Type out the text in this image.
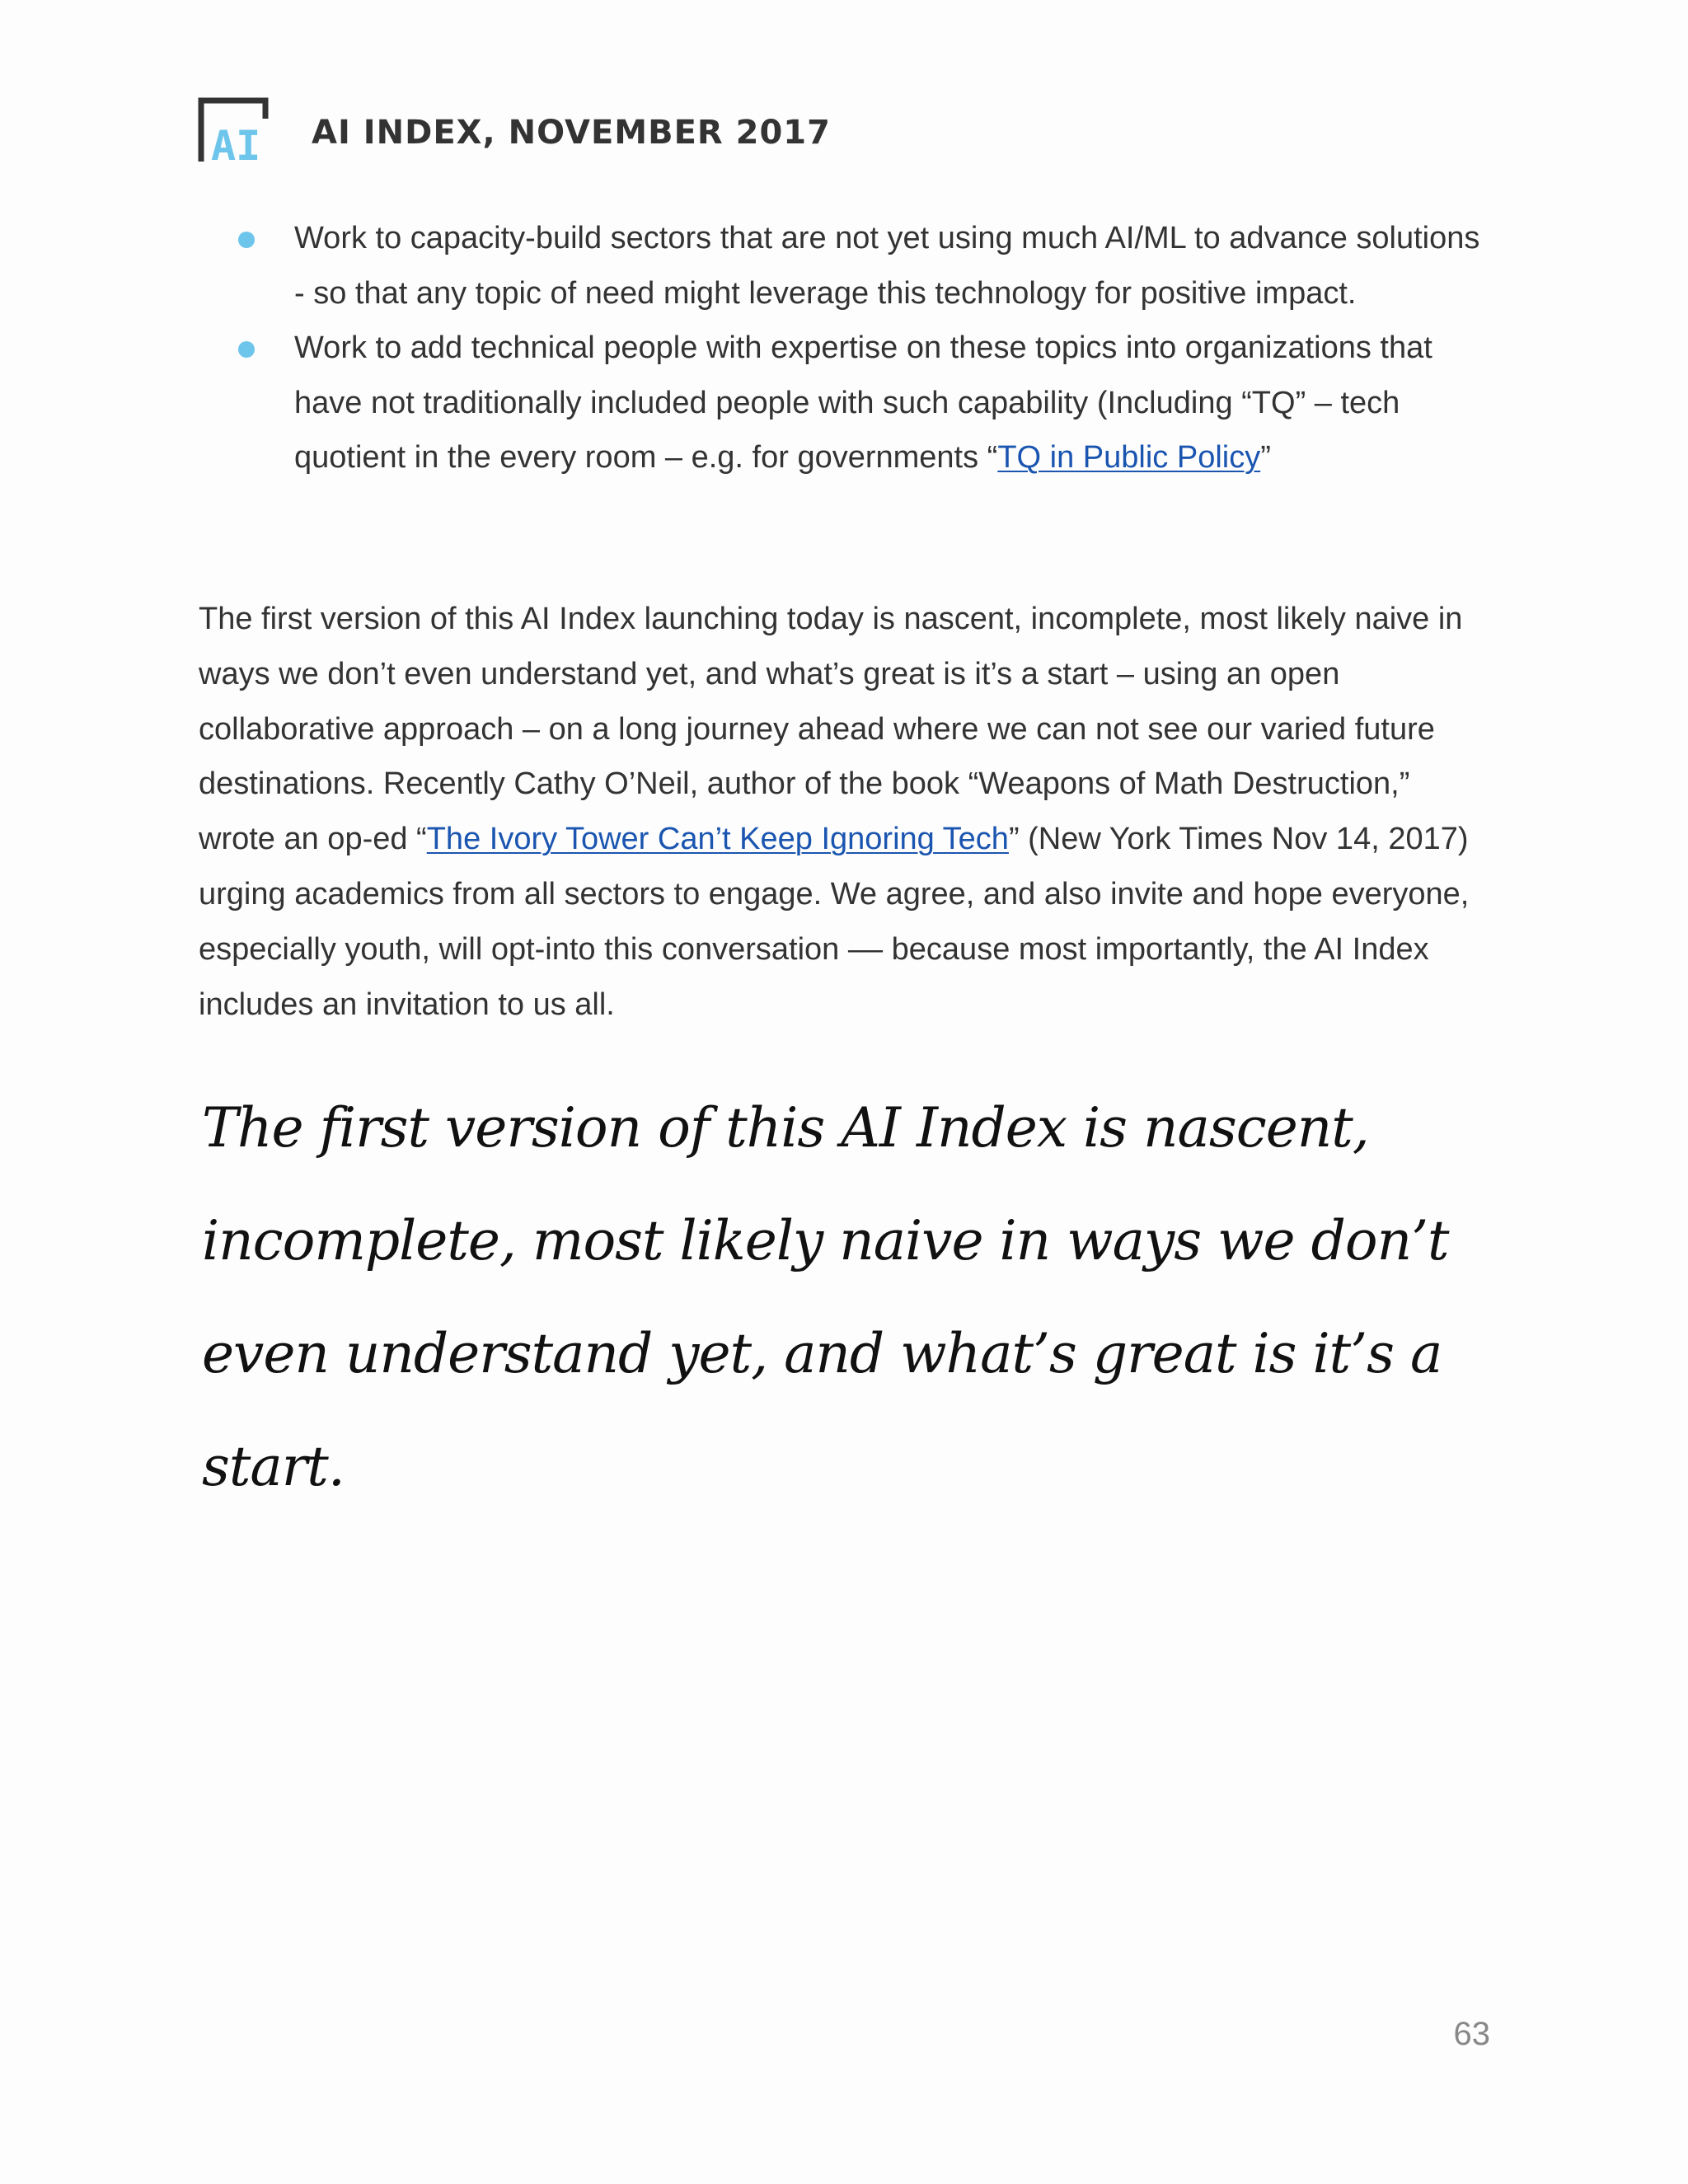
AI AI INDEX, NOVEMBER 2017
Work to capacity-build sectors that are not yet using much AI/ML to advance solutions - so that any topic of need might leverage this technology for positive impact.
Work to add technical people with expertise on these topics into organizations that have not traditionally included people with such capability (Including “TQ” – tech quotient in the every room – e.g. for governments “TQ in Public Policy”

The first version of this AI Index launching today is nascent, incomplete, most likely naive in ways we don’t even understand yet, and what’s great is it’s a start – using an open collaborative approach – on a long journey ahead where we can not see our varied future destinations. Recently Cathy O’Neil, author of the book “Weapons of Math Destruction,” wrote an op-ed “The Ivory Tower Can’t Keep Ignoring Tech” (New York Times Nov 14, 2017) urging academics from all sectors to engage. We agree, and also invite and hope everyone, especially youth, will opt-into this conversation –– because most importantly, the AI Index includes an invitation to us all.

The first version of this AI Index is nascent, incomplete, most likely naive in ways we don’t even understand yet, and what’s great is it’s a start.

63
